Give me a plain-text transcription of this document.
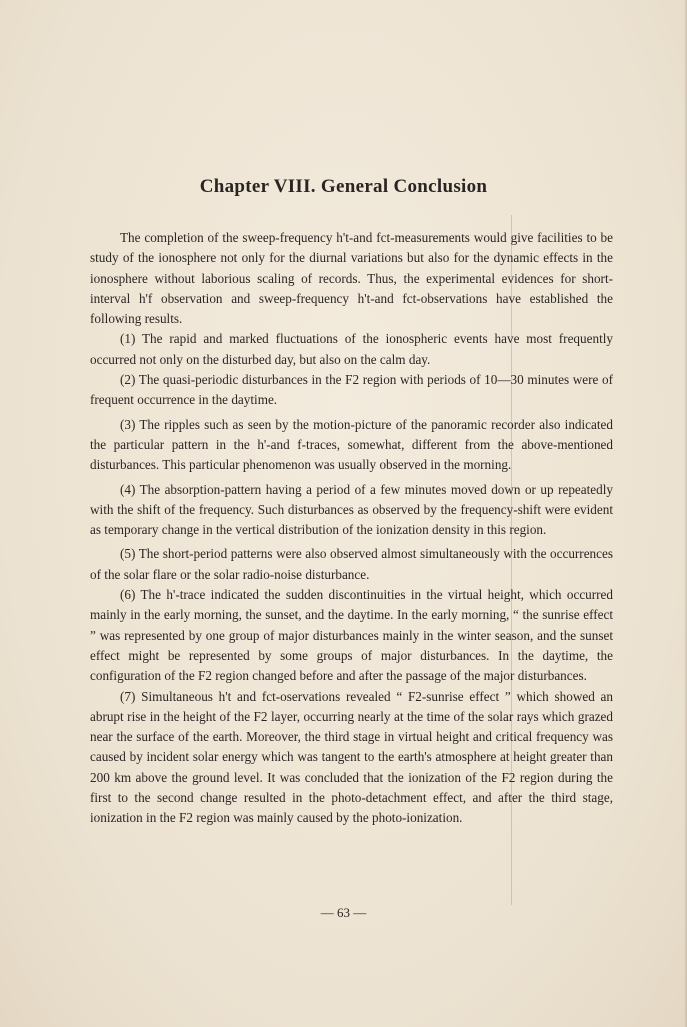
Chapter VIII. General Conclusion

The completion of the sweep-frequency h't-and fct-measurements would give facilities to be study of the ionosphere not only for the diurnal variations but also for the dynamic effects in the ionosphere without laborious scaling of records. Thus, the experimental evidences for short-interval h'f observation and sweep-frequency h't-and fct-observations have established the following results.

(1) The rapid and marked fluctuations of the ionospheric events have most frequently occurred not only on the disturbed day, but also on the calm day.

(2) The quasi-periodic disturbances in the F2 region with periods of 10—30 minutes were of frequent occurrence in the daytime.

(3) The ripples such as seen by the motion-picture of the panoramic recorder also indicated the particular pattern in the h'-and f-traces, somewhat, different from the above-mentioned disturbances. This particular phenomenon was usually observed in the morning.

(4) The absorption-pattern having a period of a few minutes moved down or up repeatedly with the shift of the frequency. Such disturbances as observed by the frequency-shift were evident as temporary change in the vertical distribution of the ionization density in this region.

(5) The short-period patterns were also observed almost simultaneously with the occurrences of the solar flare or the solar radio-noise disturbance.

(6) The h'-trace indicated the sudden discontinuities in the virtual height, which occurred mainly in the early morning, the sunset, and the daytime. In the early morning, “ the sunrise effect ” was represented by one group of major disturbances mainly in the winter season, and the sunset effect might be represented by some groups of major disturbances. In the daytime, the configuration of the F2 region changed before and after the passage of the major disturbances.

(7) Simultaneous h't and fct-oservations revealed “ F2-sunrise effect ” which showed an abrupt rise in the height of the F2 layer, occurring nearly at the time of the solar rays which grazed near the surface of the earth. Moreover, the third stage in virtual height and critical frequency was caused by incident solar energy which was tangent to the earth's atmosphere at height greater than 200 km above the ground level. It was concluded that the ionization of the F2 region during the first to the second change resulted in the photo-detachment effect, and after the third stage, ionization in the F2 region was mainly caused by the photo-ionization.

— 63 —
